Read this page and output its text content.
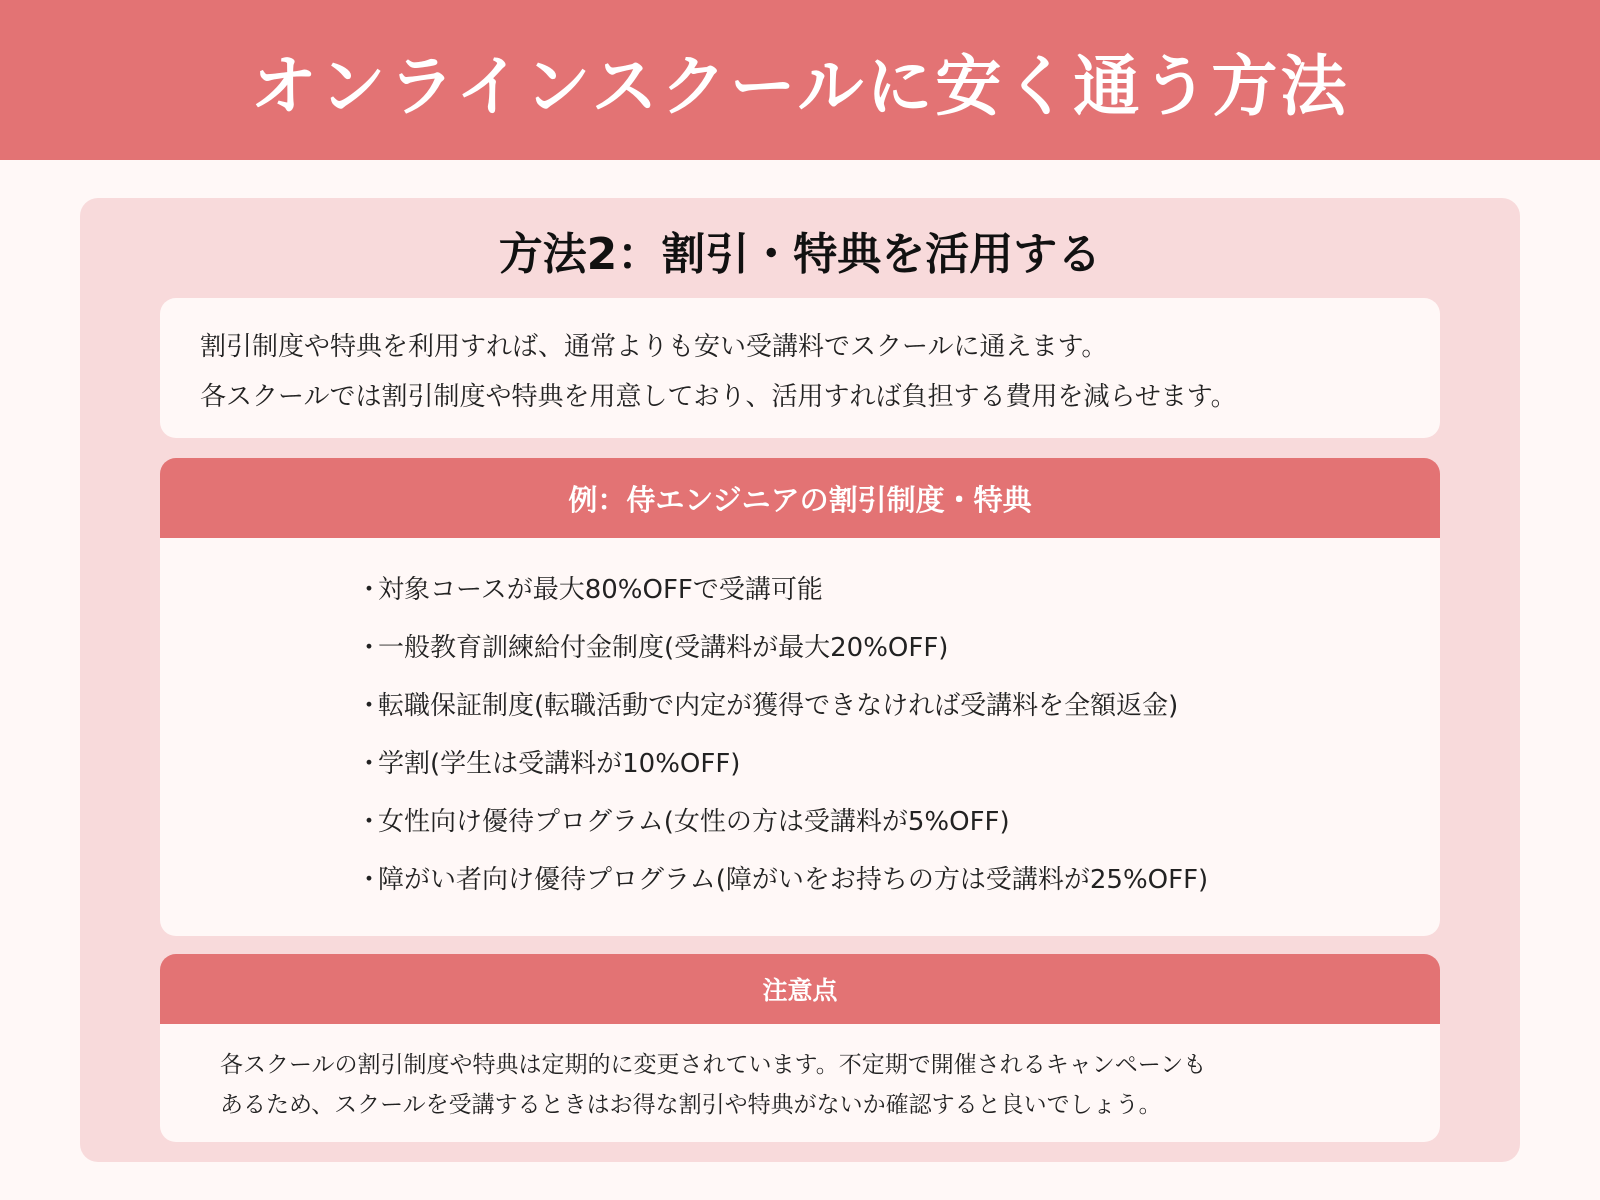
オンラインスクールに安く通う方法
方法2：割引・特典を活用する
割引制度や特典を利用すれば、通常よりも安い受講料でスクールに通えます。
各スクールでは割引制度や特典を用意しており、活用すれば負担する費用を減らせます。
例：侍エンジニアの割引制度・特典
・対象コースが最大80%OFFで受講可能
・一般教育訓練給付金制度(受講料が最大20%OFF)
・転職保証制度(転職活動で内定が獲得できなければ受講料を全額返金)
・学割(学生は受講料が10%OFF)
・女性向け優待プログラム(女性の方は受講料が5%OFF)
・障がい者向け優待プログラム(障がいをお持ちの方は受講料が25%OFF)
注意点
各スクールの割引制度や特典は定期的に変更されています。不定期で開催されるキャンペーンも
あるため、スクールを受講するときはお得な割引や特典がないか確認すると良いでしょう。
